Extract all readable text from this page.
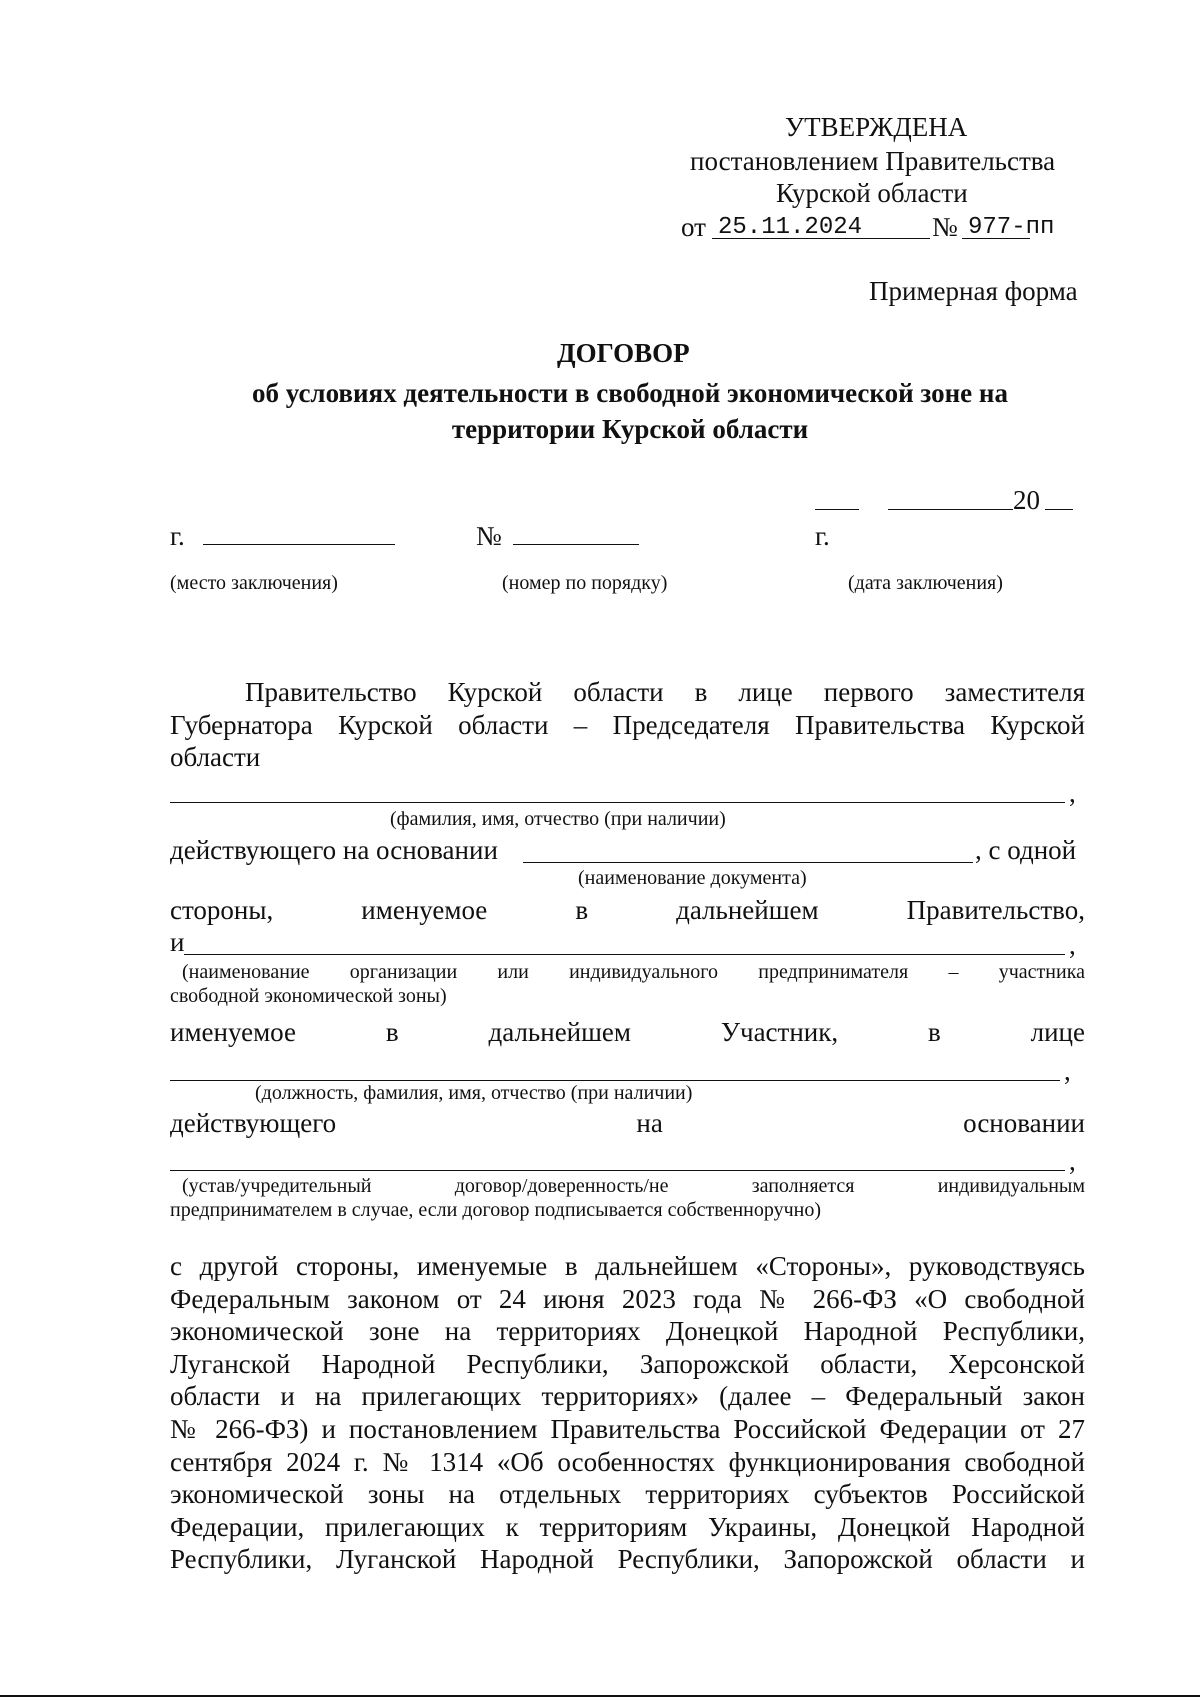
УТВЕРЖДЕНА
постановлением Правительства
Курской области
от 25.11.2024	№ 977-пп
Примерная форма
ДОГОВОР
об условиях деятельности в свободной экономической зоне на
территории Курской области
г.	№
20
г.
(место заключения)	(номер по порядку)	(дата заключения)
Правительство Курской области в лице первого заместителя
Губернатора Курской области – Председателя Правительства Курской
области
,
(фамилия, имя, отчество (при наличии)
действующего на основании	, с одной
(наименование документа)
стороны,	именуемое	в	дальнейшем	Правительство,
и	,
(наименование организации или индивидуального предпринимателя – участника
свободной экономической зоны)
именуемое	в	дальнейшем	Участник,	в	лице
,
(должность, фамилия, имя, отчество (при наличии)
действующего	на	основании
,
(устав/учредительный договор/доверенность/не заполняется индивидуальным
предпринимателем в случае, если договор подписывается собственноручно)
с другой стороны, именуемые в дальнейшем «Стороны», руководствуясь
Федеральным законом от 24 июня 2023 года № 266-ФЗ «О свободной
экономической зоне на территориях Донецкой Народной Республики,
Луганской Народной Республики, Запорожской области, Херсонской
области и на прилегающих территориях» (далее – Федеральный закон
№ 266-ФЗ) и постановлением Правительства Российской Федерации от 27
сентября 2024 г. № 1314 «Об особенностях функционирования свободной
экономической зоны на отдельных территориях субъектов Российской
Федерации, прилегающих к территориям Украины, Донецкой Народной
Республики, Луганской Народной Республики, Запорожской области и
